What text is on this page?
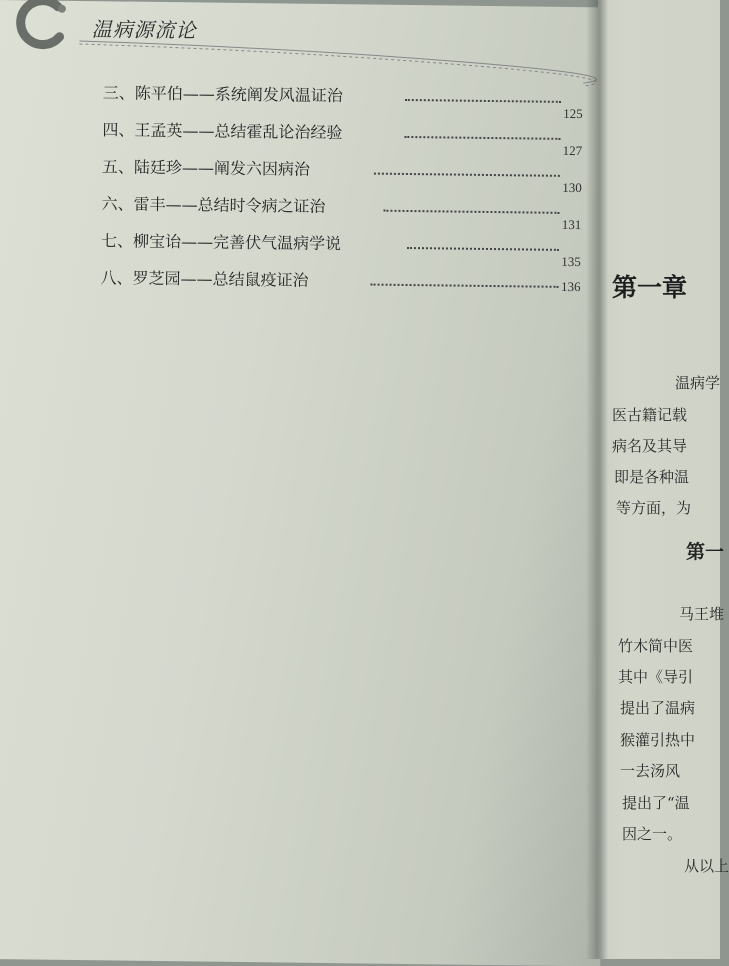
温病源流论
三、陈平伯——系统阐发风温证治
125
四、王孟英——总结霍乱论治经验
127
五、陆廷珍——阐发六因病治
130
六、雷丰——总结时令病之证治
131
七、柳宝诒——完善伏气温病学说
135
八、罗芝园——总结鼠疫证治	136 第一章
第一
温病学
医古籍记载
病名及其导
即是各种温
等方面，为
马王堆
竹木简中医
其中《导引
提出了温病
猴灌引热中
一去汤风
提出了“温
因之一。
从以上
